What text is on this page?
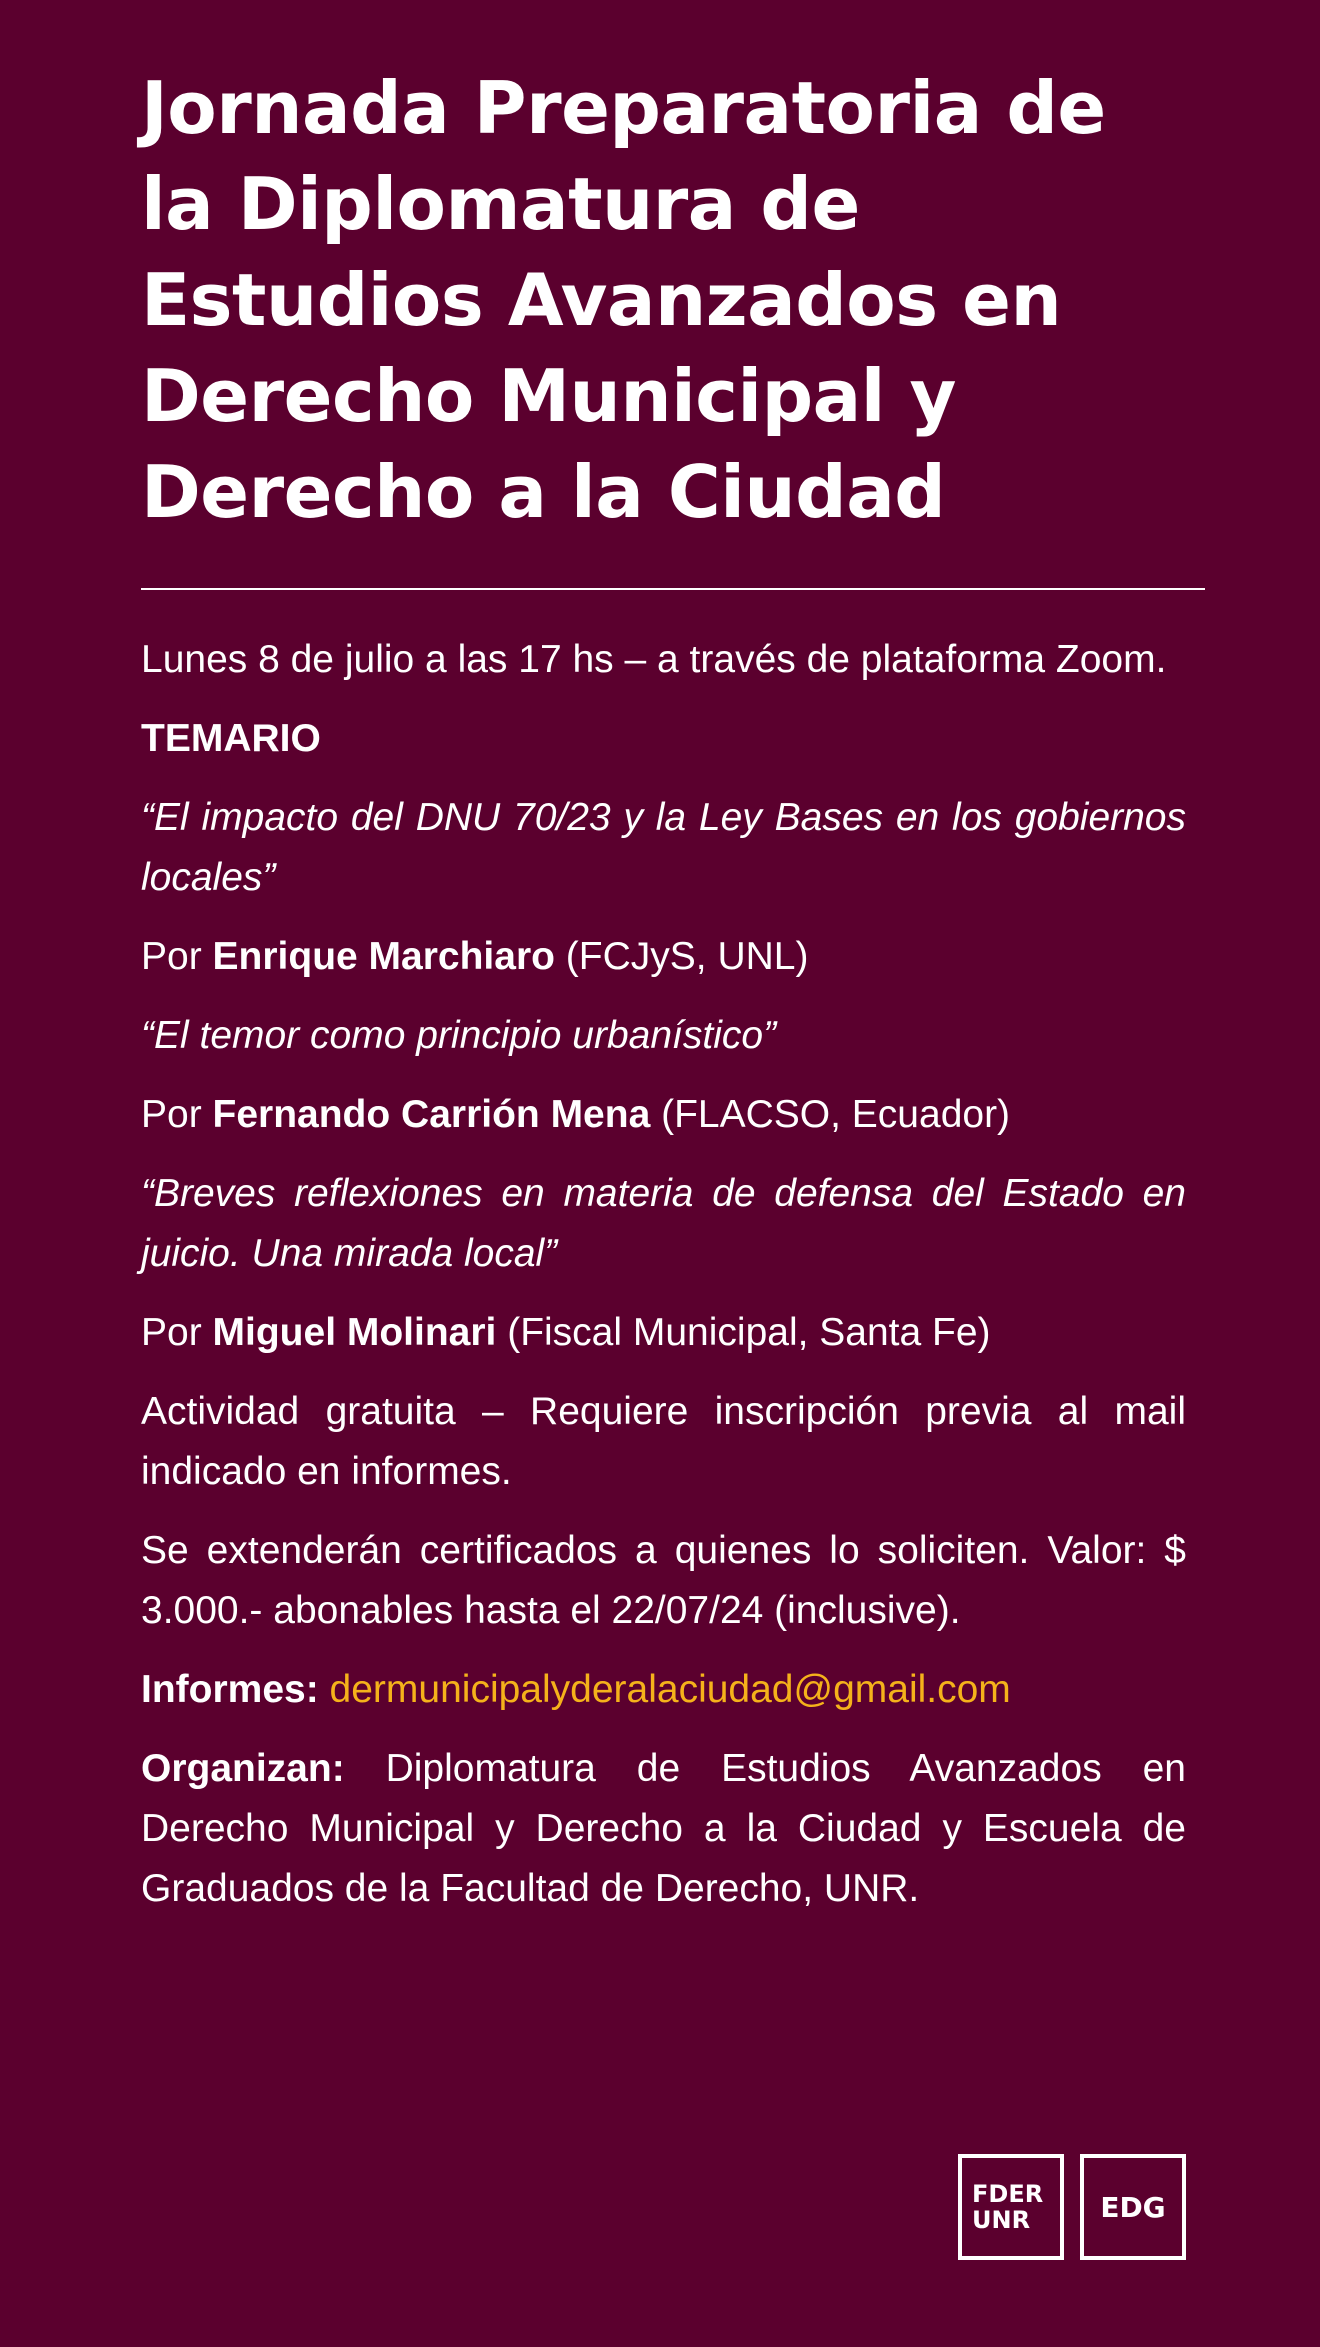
Jornada Preparatoria de la Diplomatura de Estudios Avanzados en Derecho Municipal y Derecho a la Ciudad

Lunes 8 de julio a las 17 hs – a través de plataforma Zoom.

TEMARIO

“El impacto del DNU 70/23 y la Ley Bases en los gobiernos locales”

Por Enrique Marchiaro (FCJyS, UNL)

“El temor como principio urbanístico”

Por Fernando Carrión Mena (FLACSO, Ecuador)

“Breves reflexiones en materia de defensa del Estado en juicio. Una mirada local”

Por Miguel Molinari (Fiscal Municipal, Santa Fe)

Actividad gratuita – Requiere inscripción previa al mail indicado en informes.

Se extenderán certificados a quienes lo soliciten. Valor: $ 3.000.- abonables hasta el 22/07/24 (inclusive).

Informes: dermunicipalyderalaciudad@gmail.com

Organizan: Diplomatura de Estudios Avanzados en Derecho Municipal y Derecho a la Ciudad y Escuela de Graduados de la Facultad de Derecho, UNR.

FDER
UNR	EDG
